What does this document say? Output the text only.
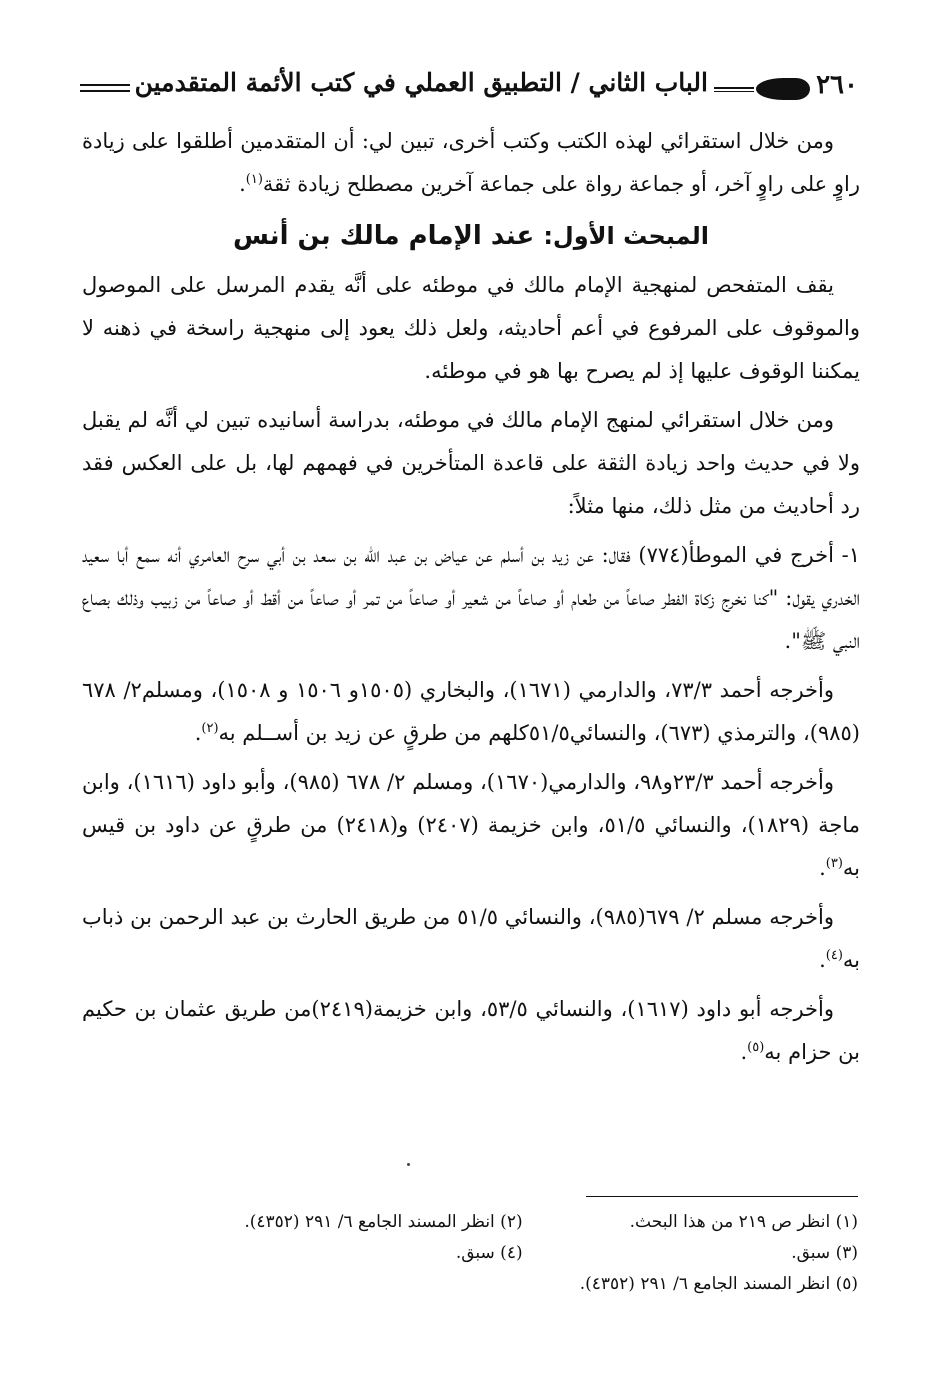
٢٦٠
الباب الثاني / التطبيق العملي في كتب الأئمة المتقدمين

ومن خلال استقرائي لهذه الكتب وكتب أخرى، تبين لي: أن المتقدمين أطلقوا على زيادة راوٍ على راوٍ آخر، أو جماعة رواة على جماعة آخرين مصطلح زيادة ثقة$^{(١)}$.

المبحث الأول: عند الإمام مالك بن أنس

يقف المتفحص لمنهجية الإمام مالك في موطئه على أنَّه يقدم المرسل على الموصول والموقوف على المرفوع في أعم أحاديثه، ولعل ذلك يعود إلى منهجية راسخة في ذهنه لا يمكننا الوقوف عليها إذ لم يصرح بها هو في موطئه.

ومن خلال استقرائي لمنهج الإمام مالك في موطئه، بدراسة أسانيده تبين لي أنَّه لم يقبل ولا في حديث واحد زيادة الثقة على قاعدة المتأخرين في فهمهم لها، بل على العكس فقد رد أحاديث من مثل ذلك، منها مثلاً:

١- أخرج في الموطأ(٧٧٤) فقال: عن زيد بن أسلم عن عياض بن عبد الله بن سعد بن أبي سرح العامري أنه سمع أبا سعيد الخدري يقول: "كنا نخرج زكاة الفطر صاعاً من طعام أو صاعاً من شعير أو صاعاً من تمر أو صاعاً من أقط أو صاعاً من زبيب وذلك بصاع النبي ﷺ".

وأخرجه أحمد ٧٣/٣، والدارمي (١٦٧١)، والبخاري (١٥٠٥و ١٥٠٦ و ١٥٠٨)، ومسلم٢/ ٦٧٨ (٩٨٥)، والترمذي (٦٧٣)، والنسائي٥١/٥كلهم من طرقٍ عن زيد بن أســلم به$^{(٢)}$.

وأخرجه أحمد ٢٣/٣و٩٨، والدارمي(١٦٧٠)، ومسلم ٢/ ٦٧٨ (٩٨٥)، وأبو داود (١٦١٦)، وابن ماجة (١٨٢٩)، والنسائي ٥١/٥، وابن خزيمة (٢٤٠٧) و(٢٤١٨) من طرقٍ عن داود بن قيس به$^{(٣)}$.

وأخرجه مسلم ٢/ ٦٧٩(٩٨٥)، والنسائي ٥١/٥ من طريق الحارث بن عبد الرحمن بن ذباب به$^{(٤)}$.

وأخرجه أبو داود (١٦١٧)، والنسائي ٥٣/٥، وابن خزيمة(٢٤١٩)من طريق عثمان بن حكيم بن حزام به$^{(٥)}$.

(١) انظر ص ٢١٩ من هذا البحث. (٢) انظر المسند الجامع ٦/ ٢٩١ (٤٣٥٢).
(٣) سبق. (٤) سبق.
(٥) انظر المسند الجامع ٦/ ٢٩١ (٤٣٥٢).
